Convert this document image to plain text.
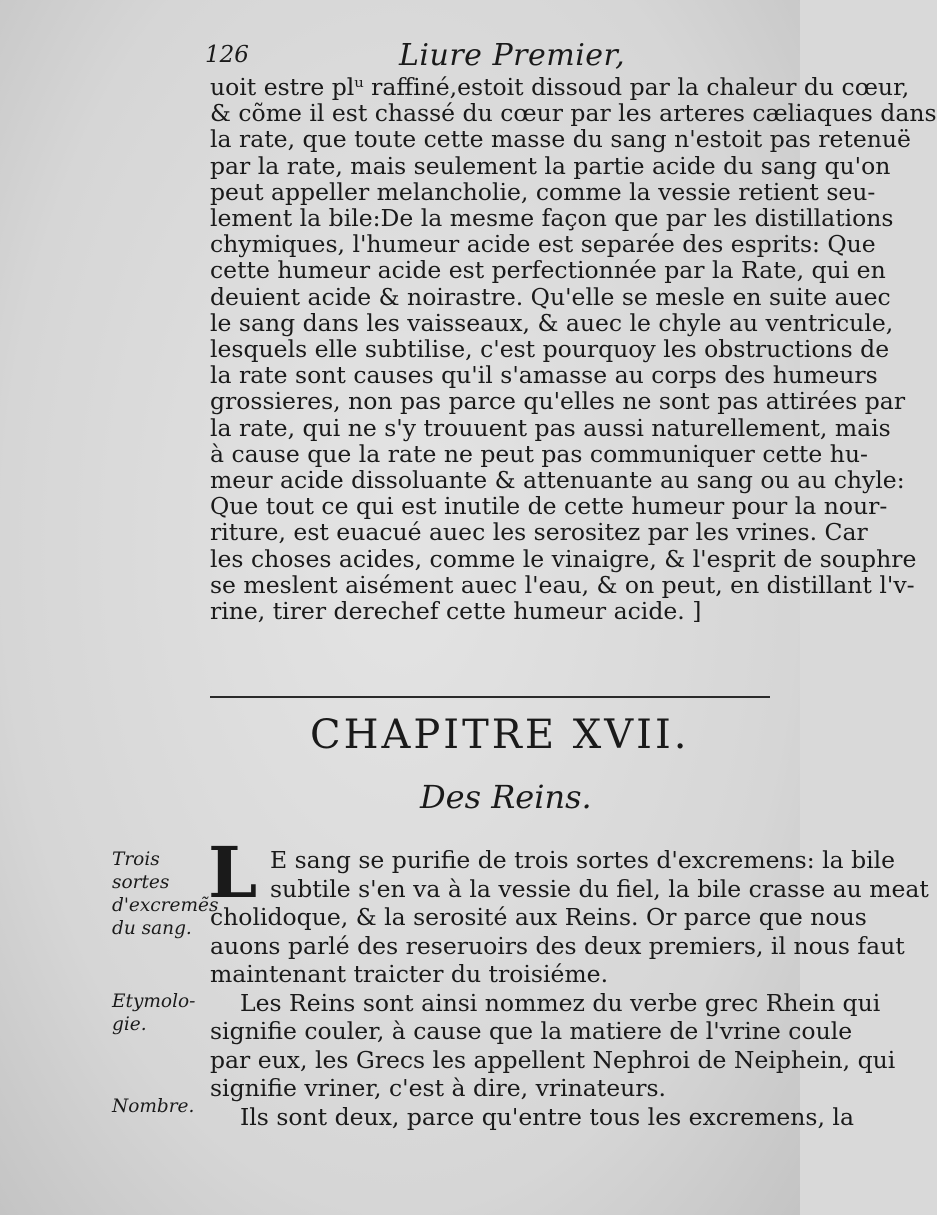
126	Liure Premier,
uoit estre plᵘ raffiné,estoit dissoud par la chaleur du cœur,
& cõme il est chassé du cœur par les arteres cæliaques dans
la rate, que toute cette masse du sang n'estoit pas retenuë
par la rate, mais seulement la partie acide du sang qu'on
peut appeller melancholie, comme la vessie retient seu-
lement la bile:De la mesme façon que par les distillations
chymiques, l'humeur acide est separée des esprits: Que
cette humeur acide est perfectionnée par la Rate, qui en
deuient acide & noirastre. Qu'elle se mesle en suite auec
le sang dans les vaisseaux, & auec le chyle au ventricule,
lesquels elle subtilise, c'est pourquoy les obstructions de
la rate sont causes qu'il s'amasse au corps des humeurs
grossieres, non pas parce qu'elles ne sont pas attirées par
la rate, qui ne s'y trouuent pas aussi naturellement, mais
à cause que la rate ne peut pas communiquer cette hu-
meur acide dissoluante & attenuante au sang ou au chyle:
Que tout ce qui est inutile de cette humeur pour la nour-
riture, est euacué auec les serositez par les vrines. Car
les choses acides, comme le vinaigre, & l'esprit de souphre
se meslent aisément auec l'eau, & on peut, en distillant l'v-
rine, tirer derechef cette humeur acide. ]
CHAPITRE XVII.
Des Reins.
L E sang se purifie de trois sortes d'excremens: la bile
subtile s'en va à la vessie du fiel, la bile crasse au meat
cholidoque, & la serosité aux Reins. Or parce que nous
auons parlé des reseruoirs des deux premiers, il nous faut
maintenant traicter du troisiéme.
Les Reins sont ainsi nommez du verbe grec Rhein qui
signifie couler, à cause que la matiere de l'vrine coule
par eux, les Grecs les appellent Nephroi de Neiphein, qui
signifie vriner, c'est à dire, vrinateurs.
Ils sont deux, parce qu'entre tous les excremens, la
Trois sortes
d'excremẽs
du sang.
Etymolo-
gie.
Nombre.
